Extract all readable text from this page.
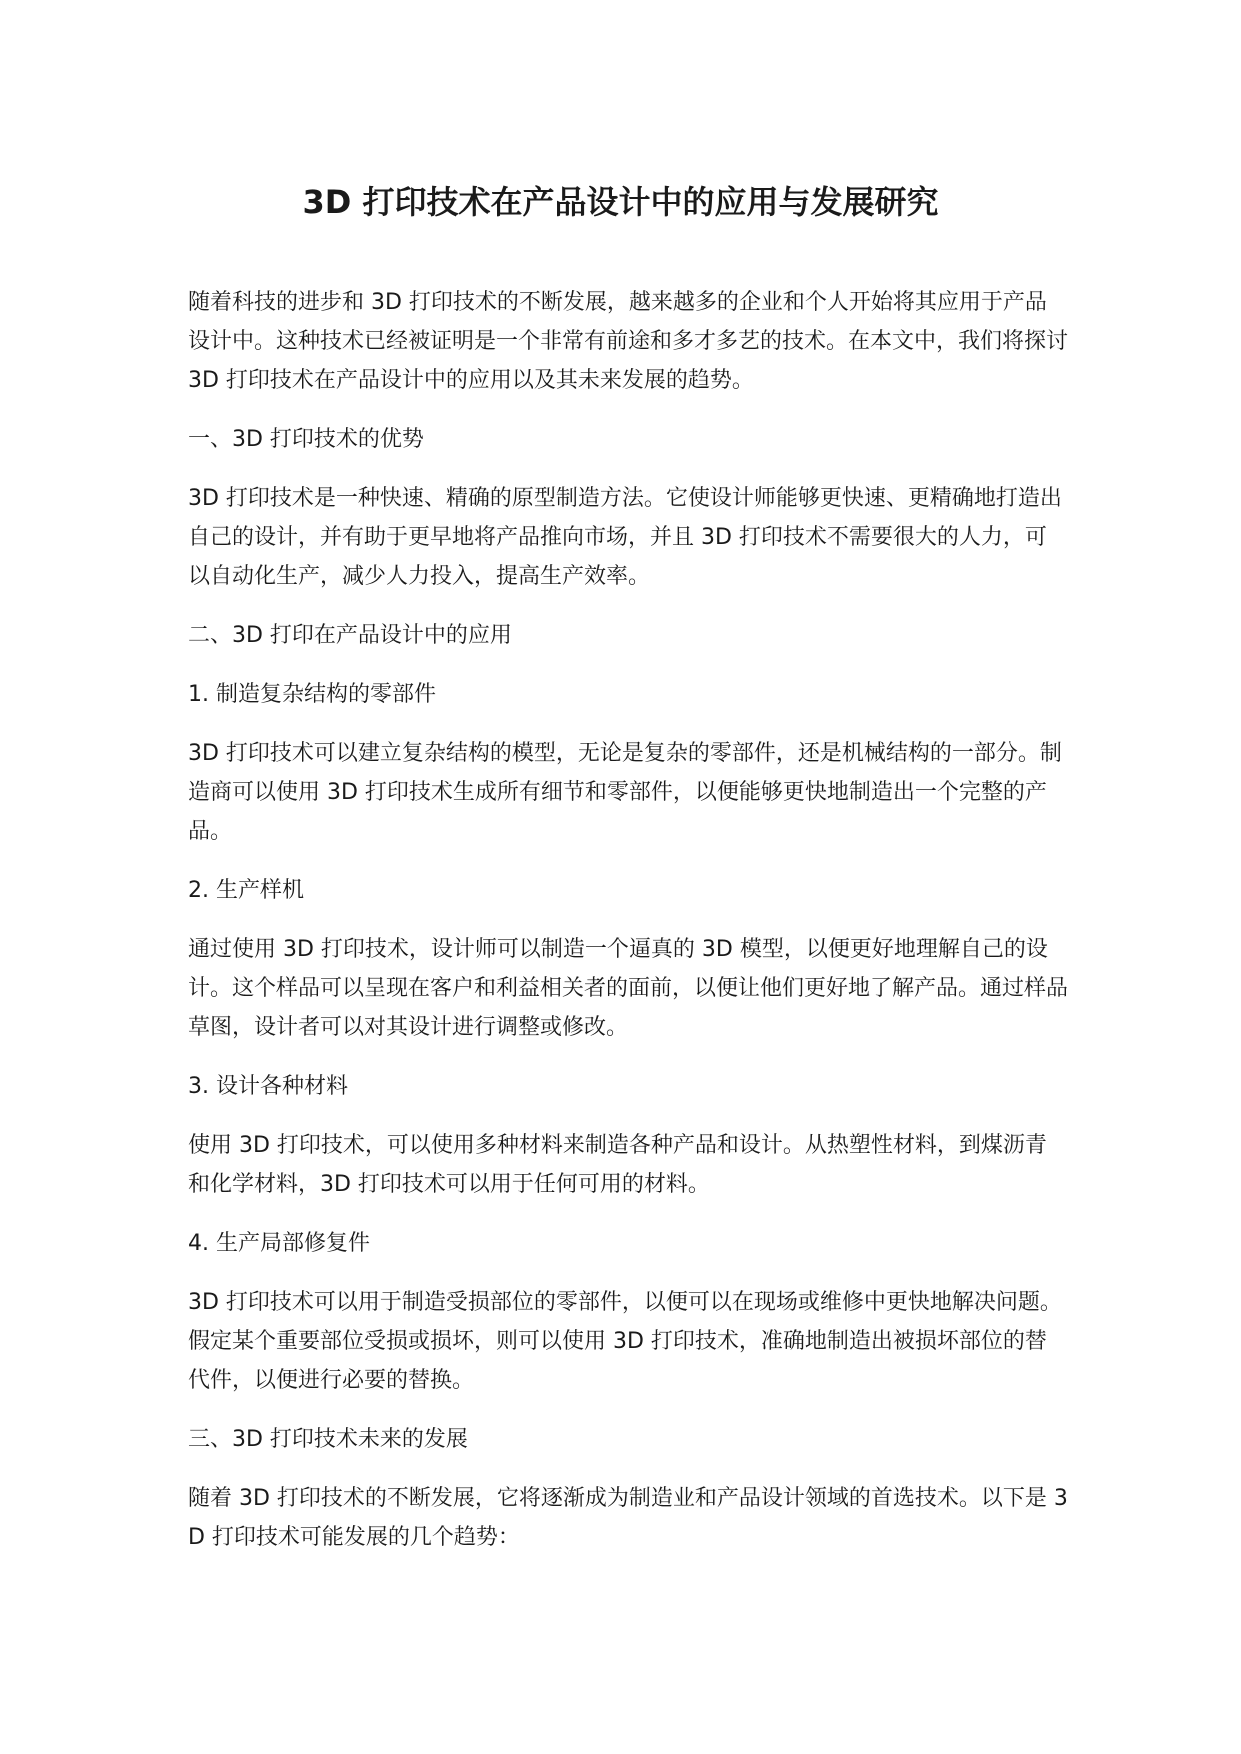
3D 打印技术在产品设计中的应用与发展研究

随着科技的进步和 3D 打印技术的不断发展，越来越多的企业和个人开始将其应用于产品设计中。这种技术已经被证明是一个非常有前途和多才多艺的技术。在本文中，我们将探讨 3D 打印技术在产品设计中的应用以及其未来发展的趋势。

一、3D 打印技术的优势

3D 打印技术是一种快速、精确的原型制造方法。它使设计师能够更快速、更精确地打造出自己的设计，并有助于更早地将产品推向市场，并且 3D 打印技术不需要很大的人力，可以自动化生产，减少人力投入，提高生产效率。

二、3D 打印在产品设计中的应用

1. 制造复杂结构的零部件

3D 打印技术可以建立复杂结构的模型，无论是复杂的零部件，还是机械结构的一部分。制造商可以使用 3D 打印技术生成所有细节和零部件，以便能够更快地制造出一个完整的产品。

2. 生产样机

通过使用 3D 打印技术，设计师可以制造一个逼真的 3D 模型，以便更好地理解自己的设计。这个样品可以呈现在客户和利益相关者的面前，以便让他们更好地了解产品。通过样品草图，设计者可以对其设计进行调整或修改。

3. 设计各种材料

使用 3D 打印技术，可以使用多种材料来制造各种产品和设计。从热塑性材料，到煤沥青和化学材料，3D 打印技术可以用于任何可用的材料。

4. 生产局部修复件

3D 打印技术可以用于制造受损部位的零部件，以便可以在现场或维修中更快地解决问题。假定某个重要部位受损或损坏，则可以使用 3D 打印技术，准确地制造出被损坏部位的替代件，以便进行必要的替换。

三、3D 打印技术未来的发展

随着 3D 打印技术的不断发展，它将逐渐成为制造业和产品设计领域的首选技术。以下是 3D 打印技术可能发展的几个趋势：
